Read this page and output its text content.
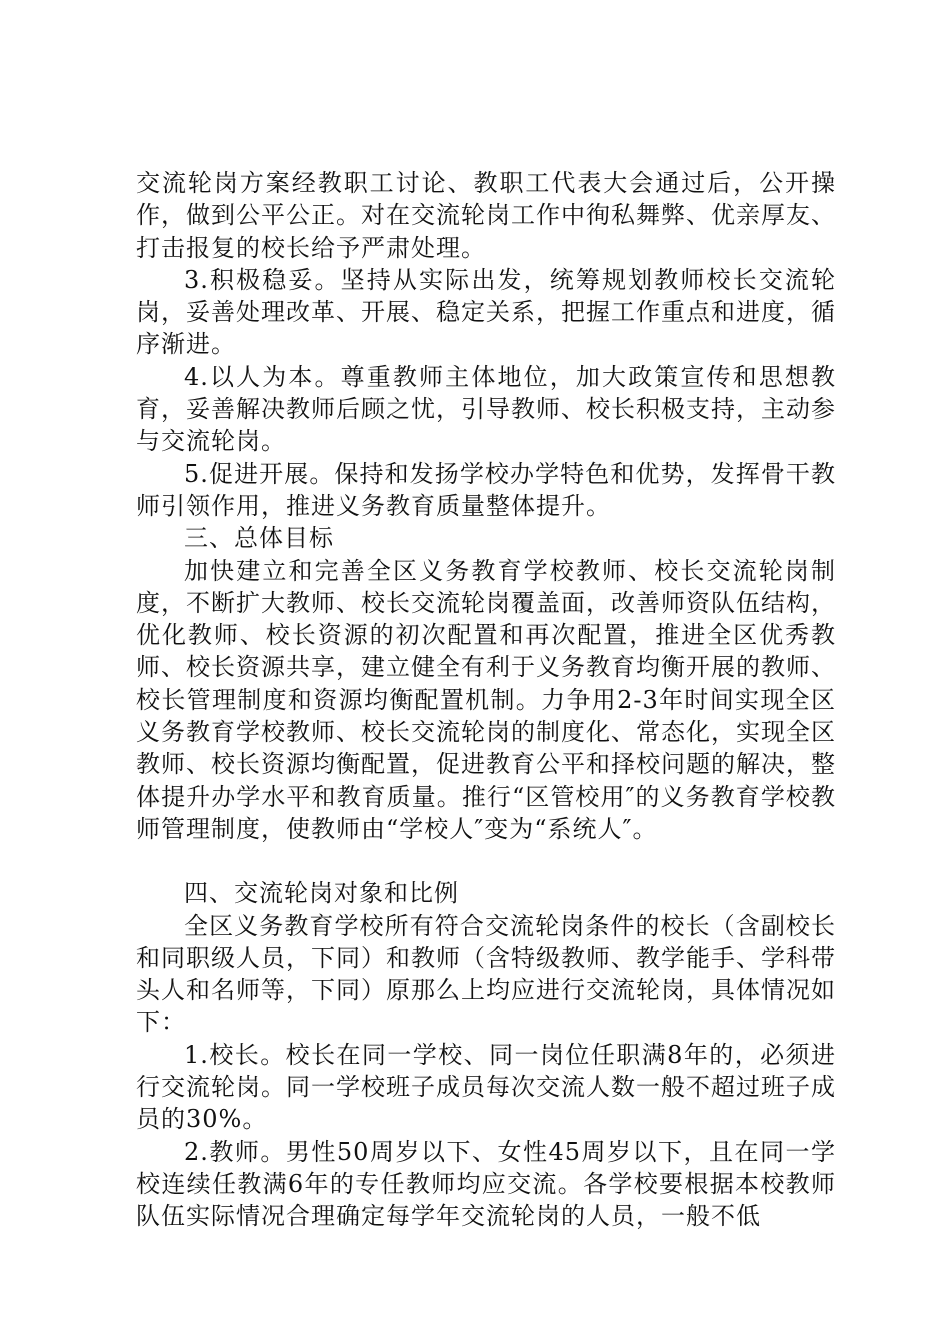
交流轮岗方案经教职工讨论、教职工代表大会通过后，公开操作，做到公平公正。对在交流轮岗工作中徇私舞弊、优亲厚友、打击报复的校长给予严肃处理。

3.积极稳妥。坚持从实际出发，统筹规划教师校长交流轮岗，妥善处理改革、开展、稳定关系，把握工作重点和进度，循序渐进。

4.以人为本。尊重教师主体地位，加大政策宣传和思想教育，妥善解决教师后顾之忧，引导教师、校长积极支持，主动参与交流轮岗。

5.促进开展。保持和发扬学校办学特色和优势，发挥骨干教师引领作用，推进义务教育质量整体提升。

三、总体目标

加快建立和完善全区义务教育学校教师、校长交流轮岗制度，不断扩大教师、校长交流轮岗覆盖面，改善师资队伍结构，优化教师、校长资源的初次配置和再次配置，推进全区优秀教师、校长资源共享，建立健全有利于义务教育均衡开展的教师、校长管理制度和资源均衡配置机制。力争用2-3年时间实现全区义务教育学校教师、校长交流轮岗的制度化、常态化，实现全区教师、校长资源均衡配置，促进教育公平和择校问题的解决，整体提升办学水平和教育质量。推行“区管校用″的义务教育学校教师管理制度，使教师由“学校人″变为“系统人″。

四、交流轮岗对象和比例

全区义务教育学校所有符合交流轮岗条件的校长（含副校长和同职级人员，下同）和教师（含特级教师、教学能手、学科带头人和名师等，下同）原那么上均应进行交流轮岗，具体情况如下：

1.校长。校长在同一学校、同一岗位任职满8年的，必须进行交流轮岗。同一学校班子成员每次交流人数一般不超过班子成员的30%。

2.教师。男性50周岁以下、女性45周岁以下，且在同一学校连续任教满6年的专任教师均应交流。各学校要根据本校教师队伍实际情况合理确定每学年交流轮岗的人员，一般不低
